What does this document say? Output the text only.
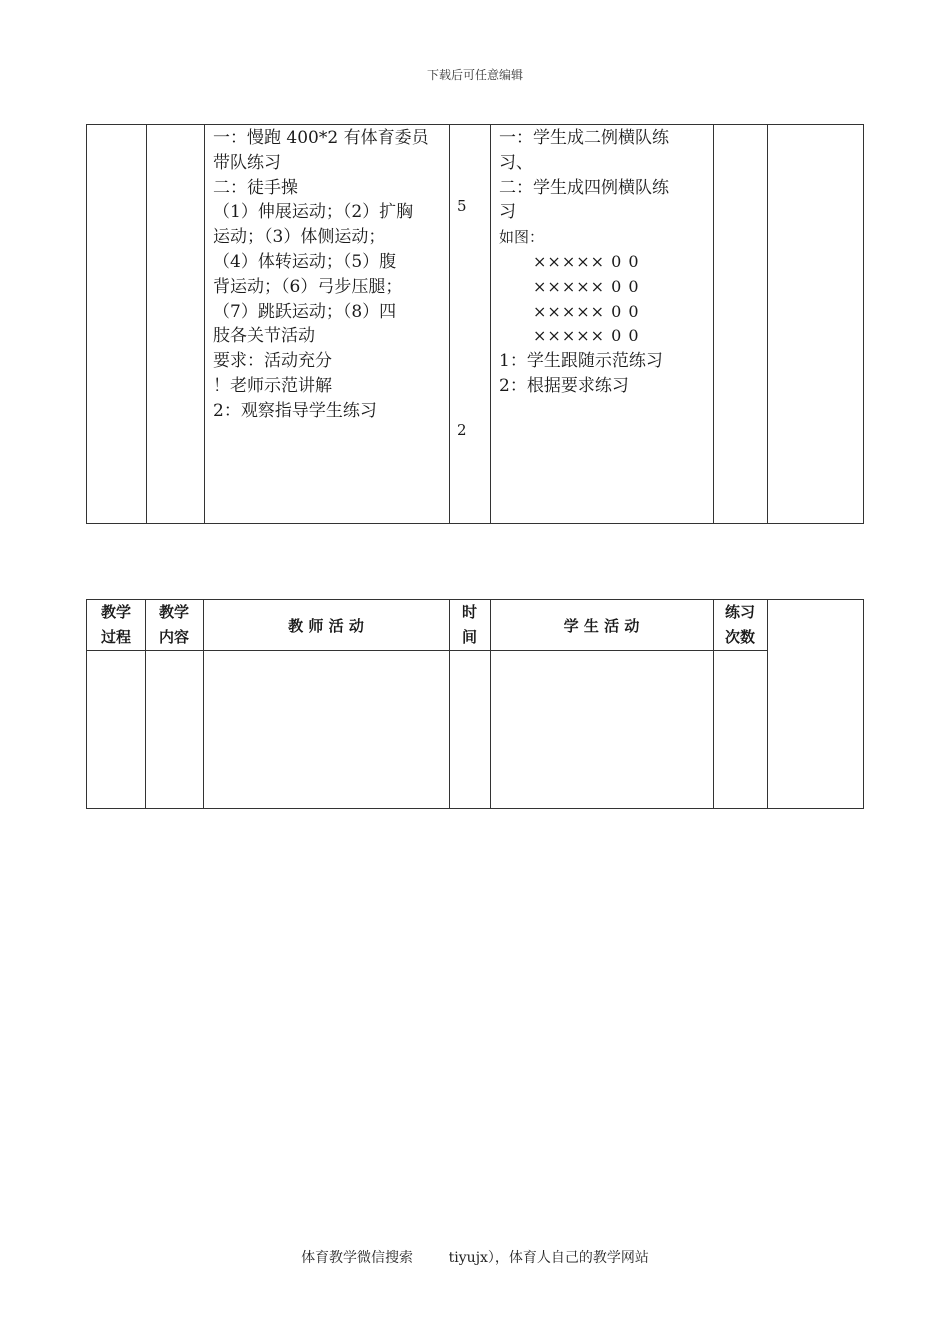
下载后可任意编辑
一：慢跑 400*2 有体育委员
带队练习
二：徒手操
（1）伸展运动；（2）扩胸
运动；（3）体侧运动；
（4）体转运动；（5）腹
背运动；（6）弓步压腿；
（7）跳跃运动；（8）四
肢各关节活动
要求：活动充分
！老师示范讲解
2：观察指导学生练习
5
2
一：学生成二例横队练
习、
二：学生成四例横队练
习
如图：
××××× 0 0
××××× 0 0
××××× 0 0
××××× 0 0
1：学生跟随示范练习
2：根据要求练习
教学
过程
教学
内容
教 师 活 动
时
间
学 生 活 动
练习
次数
体育教学微信搜索        tiyujx），体育人自己的教学网站
